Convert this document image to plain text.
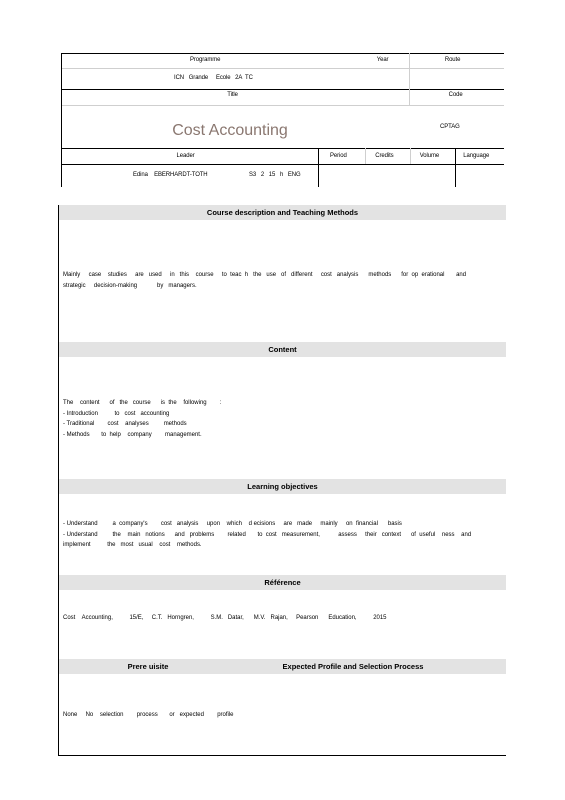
Programme	Year	Route
ICN   Grande     Ecole   2A  TC
Title	Code
Cost Accounting	CPTAG
Leader	Period	Credits	Volume	Language
Edina    EBERHARDT-TOTH	S3   2   15   h   ENG
Course description and Teaching Methods
Mainly     case    studies     are   used     in   this    course     to  teac  h   the   use   of   different     cost   analysis      methods      for  op  erational       and
strategic     decision-making            by   managers.
Content
The    content      of   the   course      is  the    following        :
- Introduction          to   cost   accounting
- Traditional        cost    analyses         methods
- Methods       to  help    company        management.
Learning objectives
- Understand         a  company's        cost   analysis     upon    which    d ecisions     are   made     mainly     on  financial      basis
- Understand         the    main   notions      and   problems        related       to  cost   measurement,           assess     their   context      of  useful    ness    and
implement          the   most   usual    cost    methods.
Référence
Cost    Accounting,          15/E,     C.T.   Horngren,          S.M.   Datar,      M.V.   Rajan,     Pearson      Education,          2015
Prere uisite	Expected Profile and Selection Process
None     No    selection        process       or   expected        profile
